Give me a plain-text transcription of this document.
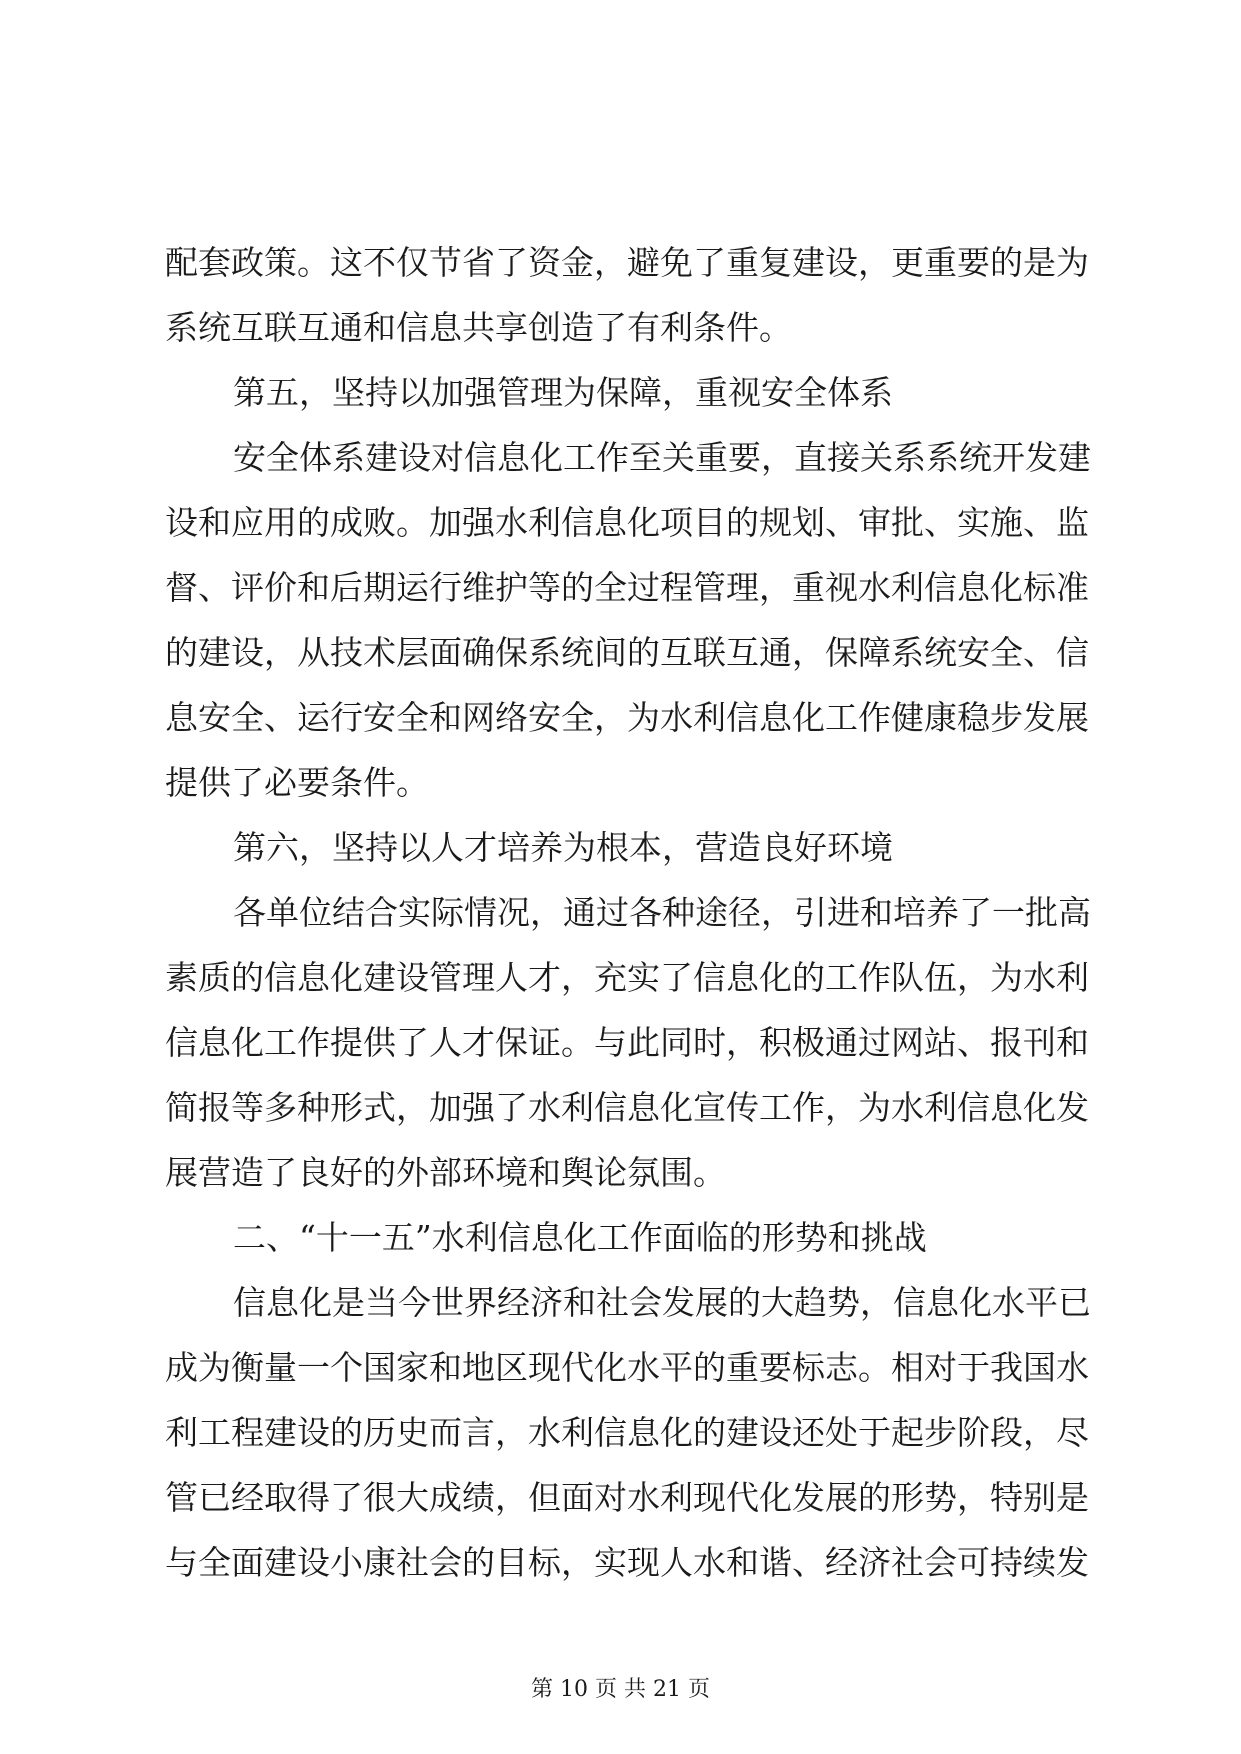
配套政策。这不仅节省了资金，避免了重复建设，更重要的是为
系统互联互通和信息共享创造了有利条件。
第五，坚持以加强管理为保障，重视安全体系
安全体系建设对信息化工作至关重要，直接关系系统开发建
设和应用的成败。加强水利信息化项目的规划、审批、实施、监
督、评价和后期运行维护等的全过程管理，重视水利信息化标准
的建设，从技术层面确保系统间的互联互通，保障系统安全、信
息安全、运行安全和网络安全，为水利信息化工作健康稳步发展
提供了必要条件。
第六，坚持以人才培养为根本，营造良好环境
各单位结合实际情况，通过各种途径，引进和培养了一批高
素质的信息化建设管理人才，充实了信息化的工作队伍，为水利
信息化工作提供了人才保证。与此同时，积极通过网站、报刊和
简报等多种形式，加强了水利信息化宣传工作，为水利信息化发
展营造了良好的外部环境和舆论氛围。
二、“十一五”水利信息化工作面临的形势和挑战
信息化是当今世界经济和社会发展的大趋势，信息化水平已
成为衡量一个国家和地区现代化水平的重要标志。相对于我国水
利工程建设的历史而言，水利信息化的建设还处于起步阶段，尽
管已经取得了很大成绩，但面对水利现代化发展的形势，特别是
与全面建设小康社会的目标，实现人水和谐、经济社会可持续发
第 10 页 共 21 页
